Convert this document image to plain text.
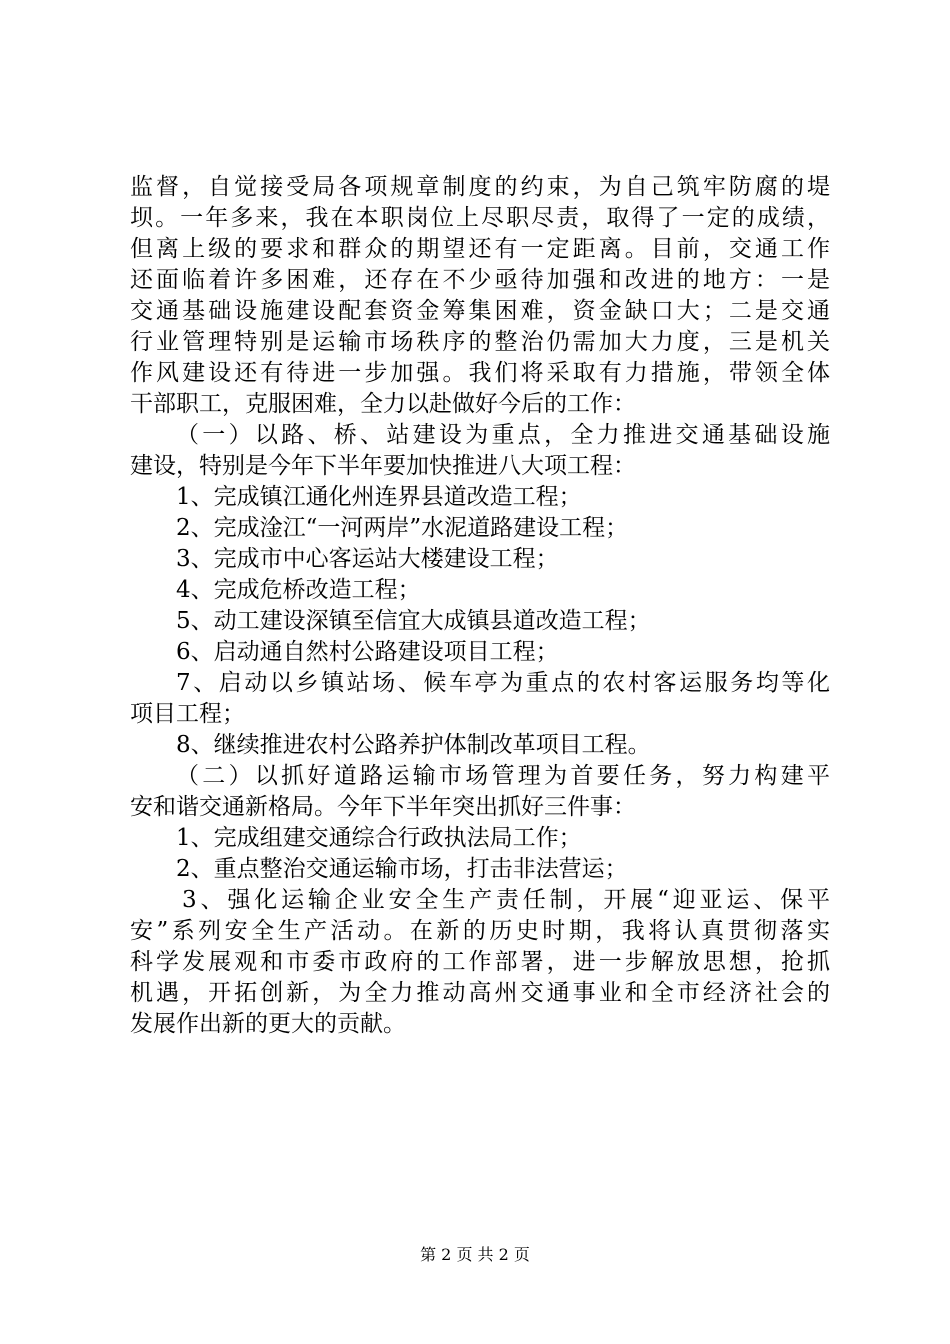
监督，自觉接受局各项规章制度的约束，为自己筑牢防腐的堤
坝。一年多来，我在本职岗位上尽职尽责，取得了一定的成绩，
但离上级的要求和群众的期望还有一定距离。目前，交通工作
还面临着许多困难，还存在不少亟待加强和改进的地方：一是
交通基础设施建设配套资金筹集困难，资金缺口大；二是交通
行业管理特别是运输市场秩序的整治仍需加大力度，三是机关
作风建设还有待进一步加强。我们将采取有力措施，带领全体
干部职工，克服困难，全力以赴做好今后的工作：
（一）以路、桥、站建设为重点，全力推进交通基础设施
建设，特别是今年下半年要加快推进八大项工程：
1、完成镇江通化州连界县道改造工程；
2、完成淦江“一河两岸”水泥道路建设工程；
3、完成市中心客运站大楼建设工程；
4、完成危桥改造工程；
5、动工建设深镇至信宜大成镇县道改造工程；
6、启动通自然村公路建设项目工程；
7、启动以乡镇站场、候车亭为重点的农村客运服务均等化
项目工程；
8、继续推进农村公路养护体制改革项目工程。
（二）以抓好道路运输市场管理为首要任务，努力构建平
安和谐交通新格局。今年下半年突出抓好三件事：
1、完成组建交通综合行政执法局工作；
2、重点整治交通运输市场，打击非法营运；
3、强化运输企业安全生产责任制，开展“迎亚运、保平
安”系列安全生产活动。在新的历史时期，我将认真贯彻落实
科学发展观和市委市政府的工作部署，进一步解放思想，抢抓
机遇，开拓创新，为全力推动高州交通事业和全市经济社会的
发展作出新的更大的贡献。
第 2 页 共 2 页
